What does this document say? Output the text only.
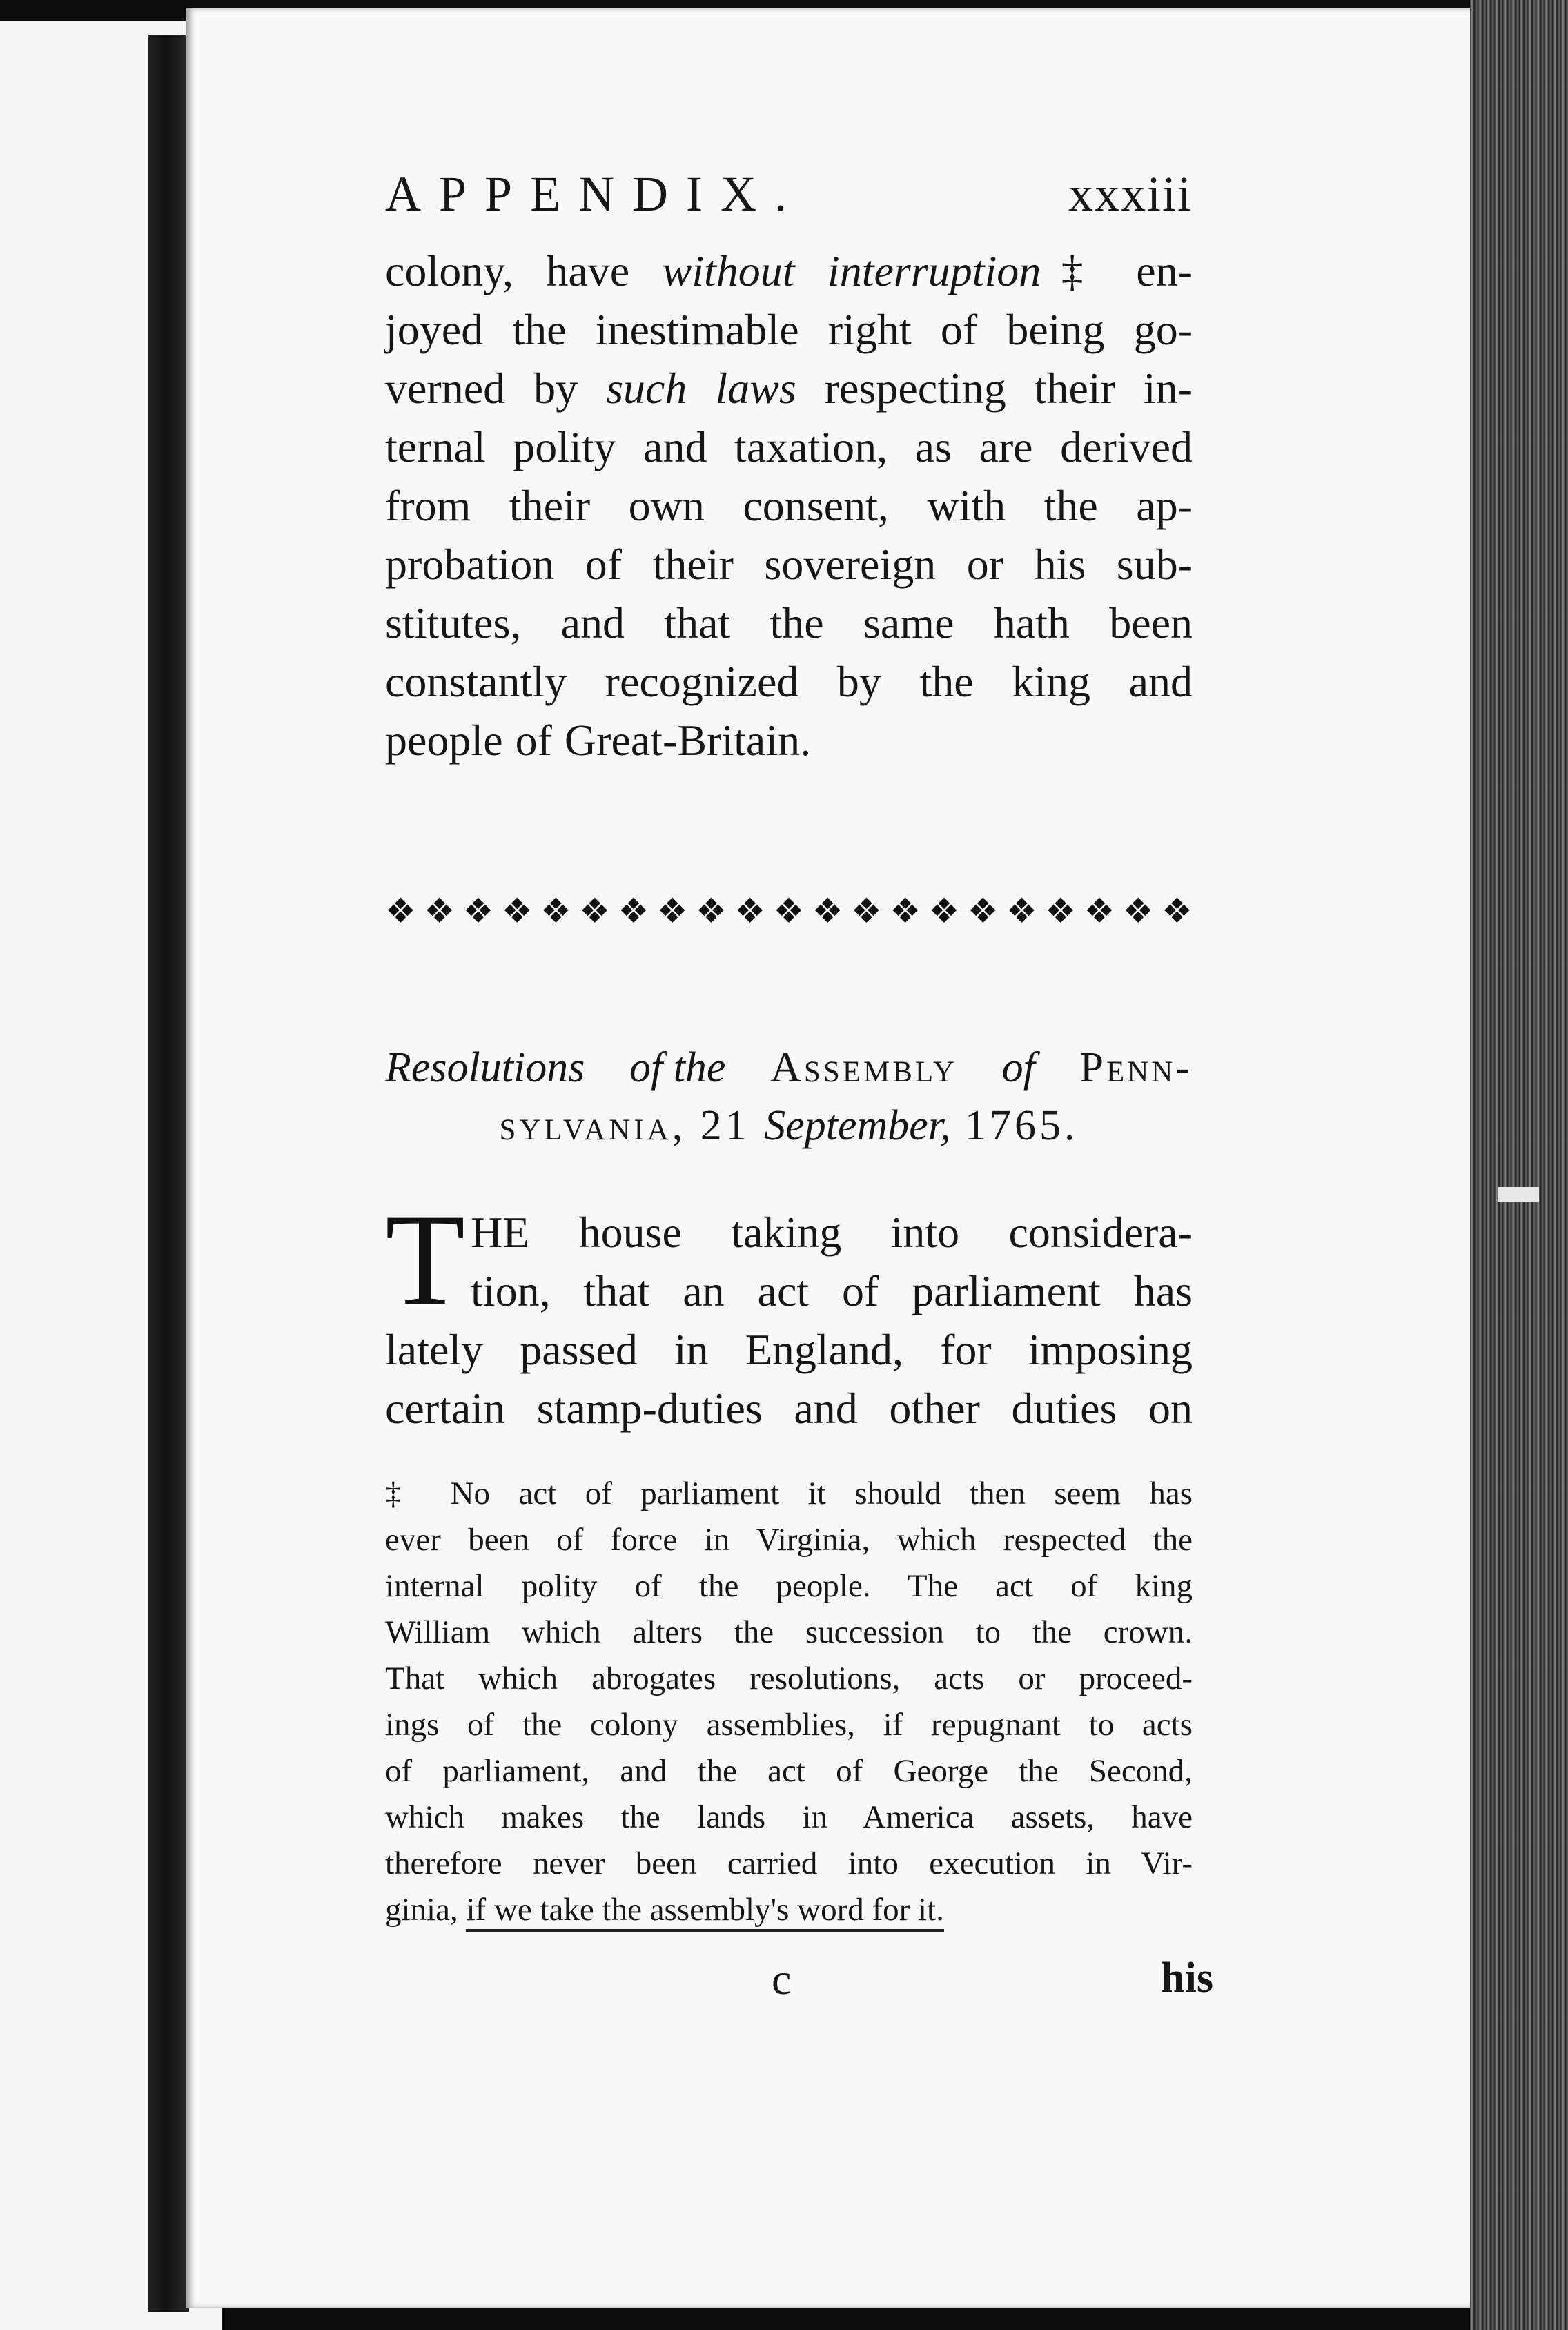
APPENDIX.	xxxiii

colony, have without interruption‡ en-
joyed the inestimable right of being go-
verned by such laws respecting their in-
ternal polity and taxation, as are derived
from their own consent, with the ap-
probation of their sovereign or his sub-
stitutes, and that the same hath been
constantly recognized by the king and
people of Great-Britain.

❖ ❖ ❖ ❖ ❖ ❖ ❖ ❖ ❖ ❖ ❖ ❖ ❖ ❖ ❖ ❖ ❖ ❖ ❖ ❖ ❖
Resolutions of the Assembly of Penn-
sylvania, 21 September, 1765.
T HE house taking into considera-
tion, that an act of parliament has
lately passed in England, for imposing
certain stamp-duties and other duties on
‡ No act of parliament it should then seem has
ever been of force in Virginia, which respected the
internal polity of the people. The act of king
William which alters the succession to the crown.
That which abrogates resolutions, acts or proceed-
ings of the colony assemblies, if repugnant to acts
of parliament, and the act of George the Second,
which makes the lands in America assets, have
therefore never been carried into execution in Vir-
ginia, if we take the assembly's word for it.
c	his
